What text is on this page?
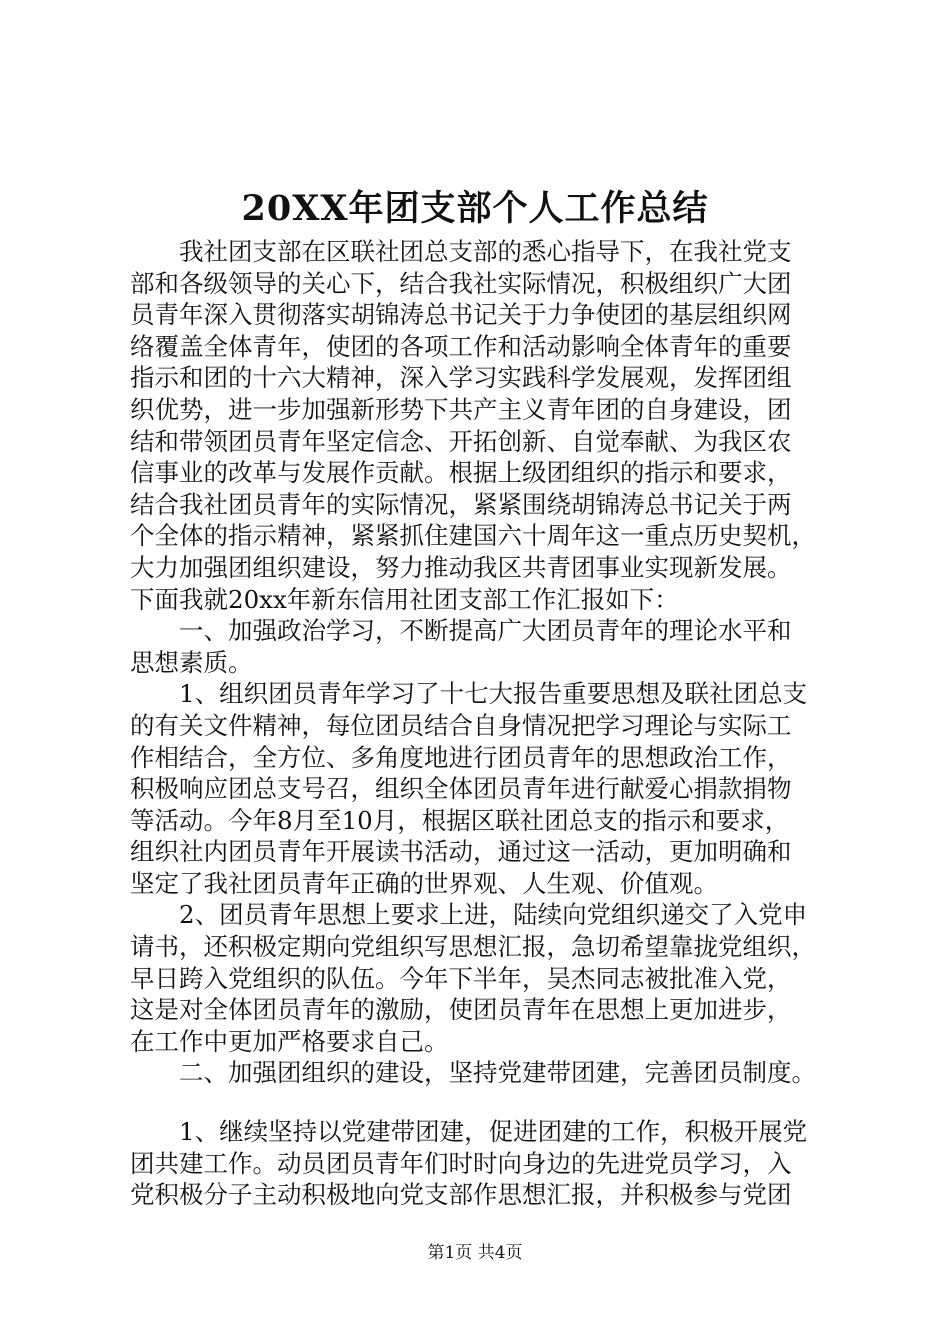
20XX年团支部个人工作总结
　　我社团支部在区联社团总支部的悉心指导下，在我社党支
部和各级领导的关心下，结合我社实际情况，积极组织广大团
员青年深入贯彻落实胡锦涛总书记关于力争使团的基层组织网
络覆盖全体青年，使团的各项工作和活动影响全体青年的重要
指示和团的十六大精神，深入学习实践科学发展观，发挥团组
织优势，进一步加强新形势下共产主义青年团的自身建设，团
结和带领团员青年坚定信念、开拓创新、自觉奉献、为我区农
信事业的改革与发展作贡献。根据上级团组织的指示和要求，
结合我社团员青年的实际情况，紧紧围绕胡锦涛总书记关于两
个全体的指示精神，紧紧抓住建国六十周年这一重点历史契机，
大力加强团组织建设，努力推动我区共青团事业实现新发展。
下面我就20xx年新东信用社团支部工作汇报如下：
　　一、加强政治学习，不断提高广大团员青年的理论水平和
思想素质。
　　1、组织团员青年学习了十七大报告重要思想及联社团总支
的有关文件精神，每位团员结合自身情况把学习理论与实际工
作相结合，全方位、多角度地进行团员青年的思想政治工作，
积极响应团总支号召，组织全体团员青年进行献爱心捐款捐物
等活动。今年8月至10月，根据区联社团总支的指示和要求，
组织社内团员青年开展读书活动，通过这一活动，更加明确和
坚定了我社团员青年正确的世界观、人生观、价值观。
　　2、团员青年思想上要求上进，陆续向党组织递交了入党申
请书，还积极定期向党组织写思想汇报，急切希望靠拢党组织，
早日跨入党组织的队伍。今年下半年，吴杰同志被批准入党，
这是对全体团员青年的激励，使团员青年在思想上更加进步，
在工作中更加严格要求自己。
　　二、加强团组织的建设，坚持党建带团建，完善团员制度。
　　1、继续坚持以党建带团建，促进团建的工作，积极开展党
团共建工作。动员团员青年们时时向身边的先进党员学习，入
党积极分子主动积极地向党支部作思想汇报，并积极参与党团
第1页 共4页
